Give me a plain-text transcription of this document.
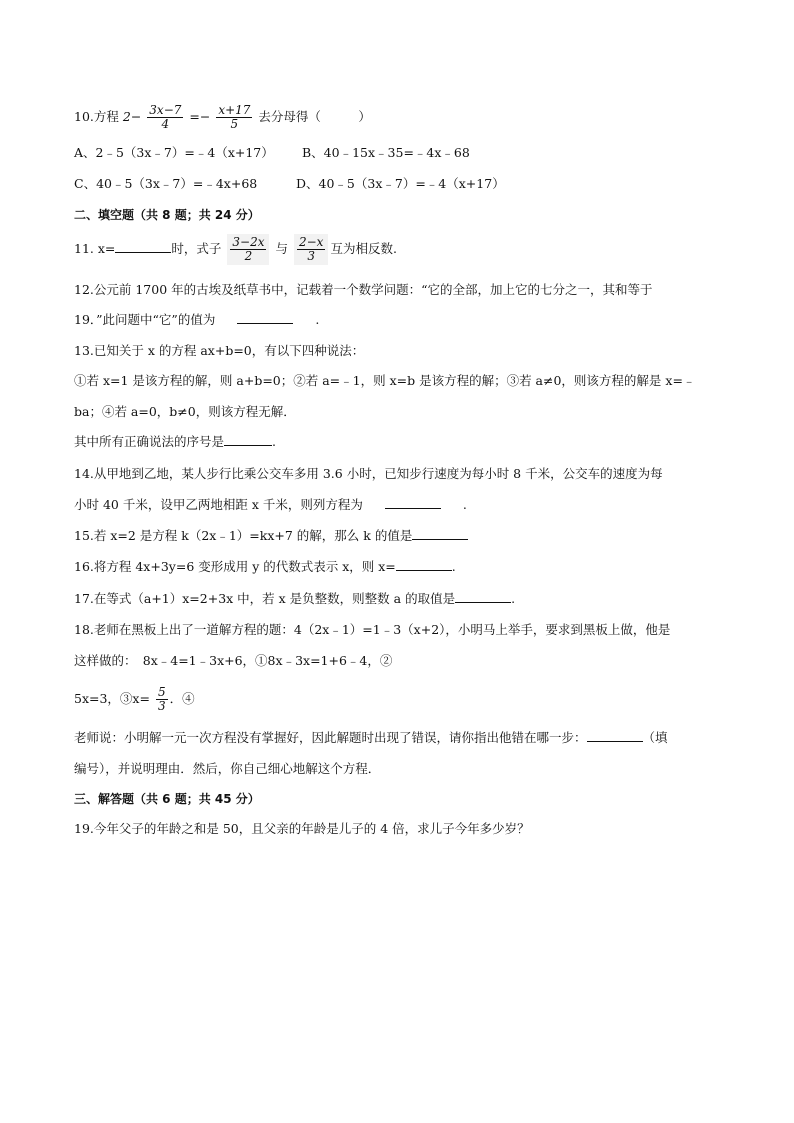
10.方程 $2- \frac{3x-7}{4} =- \frac{x+17}{5}$ 去分母得（　　　）
A、2﹣5（3x﹣7）=﹣4（x+17） B、40﹣15x﹣35=﹣4x﹣68
C、40﹣5（3x﹣7）=﹣4x+68	D、40﹣5（3x﹣7）=﹣4（x+17）
二、填空题（共 8 题；共 24 分）
11. x=	时，式子 $\frac{3-2x}{2}$ 与 $\frac{2-x}{3}$ 互为相反数.
12.公元前 1700 年的古埃及纸草书中，记载着一个数学问题：“它的全部，加上它的七分之一，其和等于
19．”此问题中“它”的值为	.
13.已知关于 x 的方程 ax+b=0，有以下四种说法：
①若 x=1 是该方程的解，则 a+b=0；②若 a=﹣1，则 x=b 是该方程的解；③若 a≠0，则该方程的解是 x=﹣
ba；④若 a=0，b≠0，则该方程无解．
其中所有正确说法的序号是	.
14.从甲地到乙地，某人步行比乘公交车多用 3.6 小时，已知步行速度为每小时 8 千米，公交车的速度为每
小时 40 千米，设甲乙两地相距 x 千米，则列方程为	.
15.若 x=2 是方程 k（2x﹣1）=kx+7 的解，那么 k 的值是
16.将方程 4x+3y=6 变形成用 y 的代数式表示 x，则 x=	.
17.在等式（a+1）x=2+3x 中，若 x 是负整数，则整数 a 的取值是	.
18.老师在黑板上出了一道解方程的题：4（2x﹣1）=1﹣3（x+2），小明马上举手，要求到黑板上做，他是
这样做的：　8x﹣4=1﹣3x+6，①8x﹣3x=1+6﹣4，②
5x=3，③x= $\frac{5}{3}$ ．④
老师说：小明解一元一次方程没有掌握好，因此解题时出现了错误，请你指出他错在哪一步：	（填
编号），并说明理由．然后，你自己细心地解这个方程．
三、解答题（共 6 题；共 45 分）
19.今年父子的年龄之和是 50，且父亲的年龄是儿子的 4 倍，求儿子今年多少岁？
